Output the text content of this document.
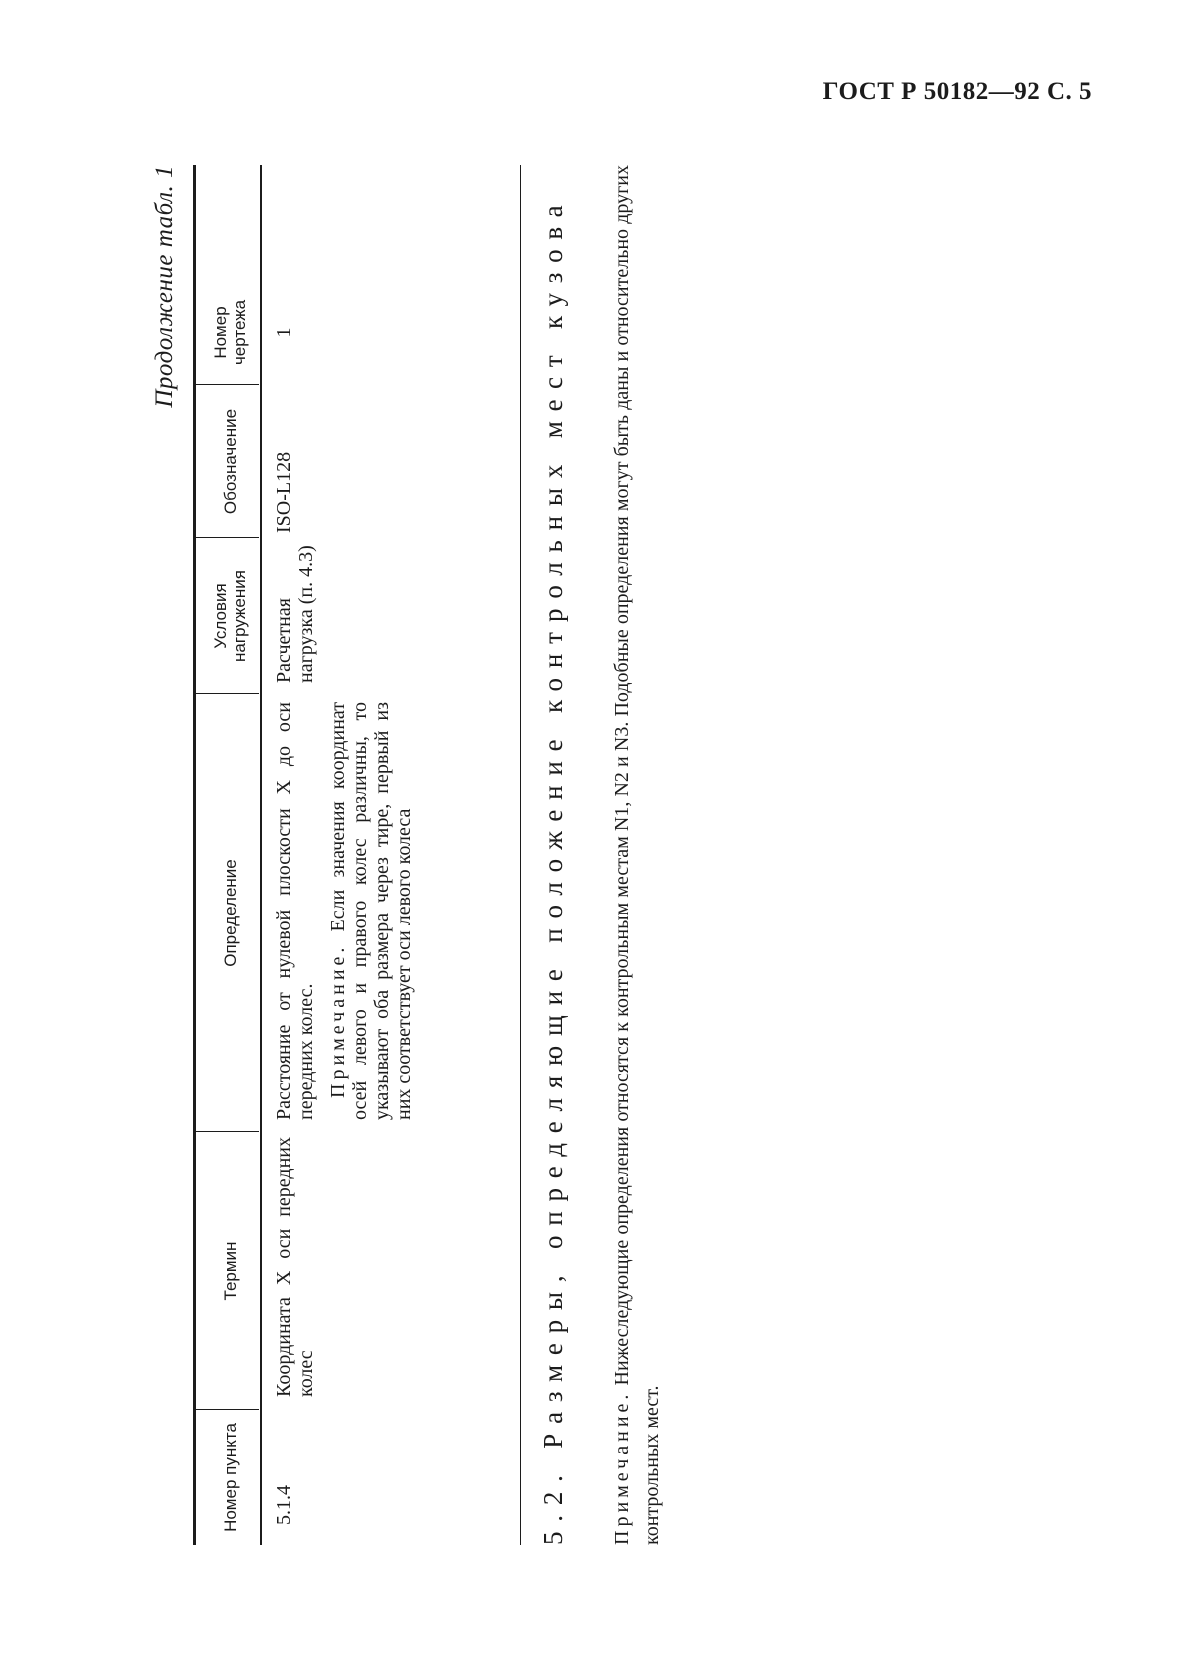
ГОСТ Р 50182—92 С. 5
Продолжение табл. 1
Номер пункта
Термин
Определение
Условия нагружения
Обозначение
Номер чертежа
5.1.4
Координата X оси передних колес
Расстояние от нулевой плоскости X до оси передних колес. Примечание. Если значения координат осей левого и правого колес различны, то указывают оба размера через тире, первый из них соответствует оси левого колеса
Расчетная нагрузка (п. 4.3)
ISO-L128
1
5.2. Размеры, определяющие положение контрольных мест кузова
Примечание. Нижеследующие определения относятся к контрольным местам N1, N2 и N3. Подобные определения могут быть даны и относительно других контрольных мест.
